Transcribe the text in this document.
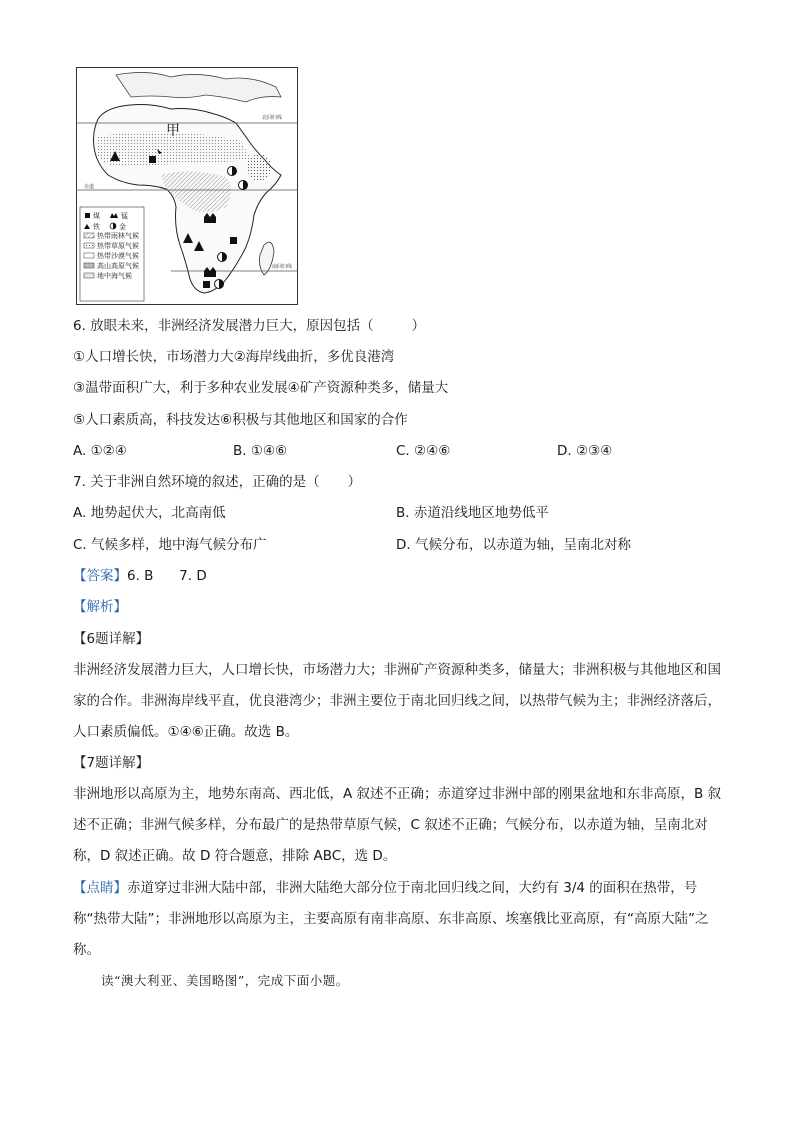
北回归线
赤道
南回归线
甲
煤	锰
铁	金
热带雨林气候
热带草原气候
热带沙漠气候
高山高原气候
地中海气候
6. 放眼未来，非洲经济发展潜力巨大，原因包括（	）
①人口增长快，市场潜力大②海岸线曲折，多优良港湾
③温带面积广大，利于多种农业发展④矿产资源种类多，储量大
⑤人口素质高，科技发达⑥积极与其他地区和国家的合作
A. ①②④	B. ①④⑥	C. ②④⑥	D. ②③④
7. 关于非洲自然环境的叙述，正确的是（ ）
A. 地势起伏大，北高南低	B. 赤道沿线地区地势低平
C. 气候多样，地中海气候分布广	D. 气候分布，以赤道为轴，呈南北对称
【答案】6. B      7. D
【解析】
【6题详解】
非洲经济发展潜力巨大，人口增长快，市场潜力大；非洲矿产资源种类多，储量大；非洲积极与其他地区和国家的合作。非洲海岸线平直，优良港湾少；非洲主要位于南北回归线之间，以热带气候为主；非洲经济落后，人口素质偏低。①④⑥正确。故选 B。
【7题详解】
非洲地形以高原为主，地势东南高、西北低，A 叙述不正确；赤道穿过非洲中部的刚果盆地和东非高原，B 叙述不正确；非洲气候多样，分布最广的是热带草原气候，C 叙述不正确；气候分布，以赤道为轴，呈南北对称，D 叙述正确。故 D 符合题意，排除 ABC，选 D。
【点睛】赤道穿过非洲大陆中部，非洲大陆绝大部分位于南北回归线之间，大约有 3/4 的面积在热带，号称“热带大陆”；非洲地形以高原为主，主要高原有南非高原、东非高原、埃塞俄比亚高原，有“高原大陆”之称。
读“澳大利亚、美国略图”，完成下面小题。
